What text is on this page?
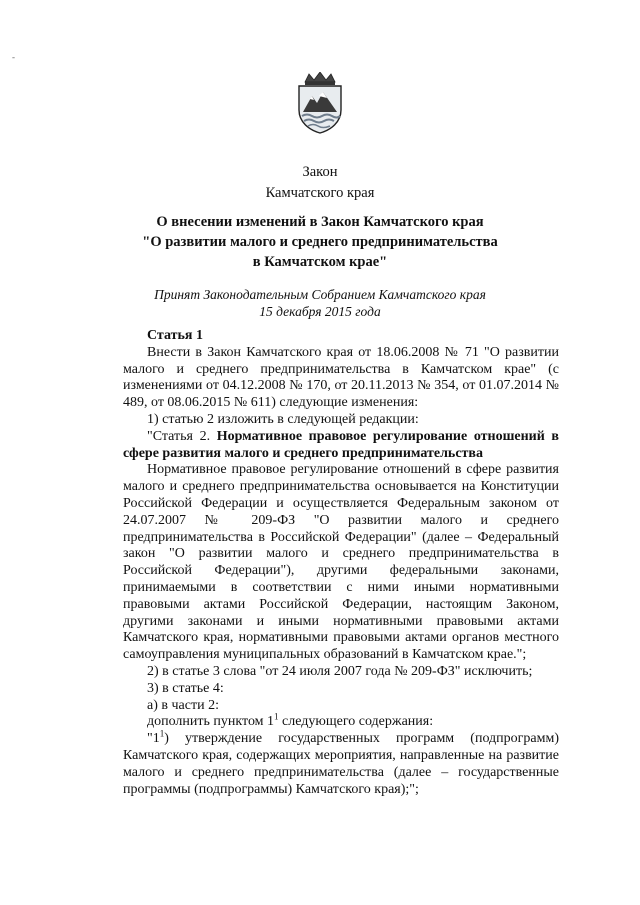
-
Закон
Камчатского края
О внесении изменений в Закон Камчатского края
"О развитии малого и среднего предпринимательства
в Камчатском крае"
Принят Законодательным Собранием Камчатского края
15 декабря 2015 года

Статья 1

Внести в Закон Камчатского края от 18.06.2008 № 71 "О развитии малого и среднего предпринимательства в Камчатском крае" (с изменениями от 04.12.2008 № 170, от 20.11.2013 № 354, от 01.07.2014 № 489, от 08.06.2015 № 611) следующие изменения:

1) статью 2 изложить в следующей редакции:

"Статья 2. Нормативное правовое регулирование отношений в сфере развития малого и среднего предпринимательства

Нормативное правовое регулирование отношений в сфере развития малого и среднего предпринимательства основывается на Конституции Российской Федерации и осуществляется Федеральным законом от 24.07.2007 № 209-ФЗ "О развитии малого и среднего предпринимательства в Российской Федерации" (далее – Федеральный закон "О развитии малого и среднего предпринимательства в Российской Федерации"), другими федеральными законами, принимаемыми в соответствии с ними иными нормативными правовыми актами Российской Федерации, настоящим Законом, другими законами и иными нормативными правовыми актами Камчатского края, нормативными правовыми актами органов местного самоуправления муниципальных образований в Камчатском крае.";

2) в статье 3 слова "от 24 июля 2007 года № 209-ФЗ" исключить;

3) в статье 4:

а) в части 2:

дополнить пунктом $1^1$ следующего содержания:

"$1^1$) утверждение государственных программ (подпрограмм) Камчатского края, содержащих мероприятия, направленные на развитие малого и среднего предпринимательства (далее – государственные программы (подпрограммы) Камчатского края);";
